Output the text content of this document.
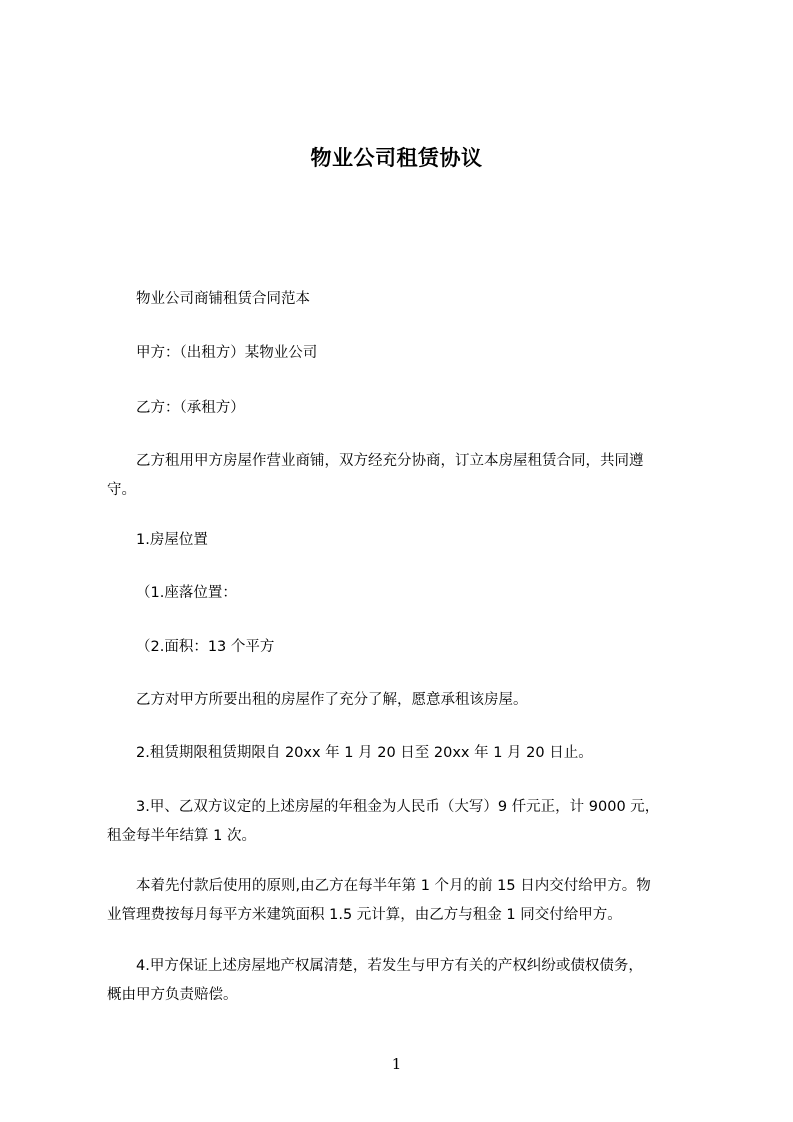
物业公司租赁协议
物业公司商铺租赁合同范本
甲方：（出租方）某物业公司
乙方：（承租方）
乙方租用甲方房屋作营业商铺，双方经充分协商，订立本房屋租赁合同，共同遵
守。
1.房屋位置
（1.座落位置：
（2.面积：13 个平方
乙方对甲方所要出租的房屋作了充分了解，愿意承租该房屋。
2.租赁期限租赁期限自 20xx 年 1 月 20 日至 20xx 年 1 月 20 日止。
3.甲、乙双方议定的上述房屋的年租金为人民币（大写）9 仟元正，计 9000 元，
租金每半年结算 1 次。
本着先付款后使用的原则,由乙方在每半年第 1 个月的前 15 日内交付给甲方。物
业管理费按每月每平方米建筑面积 1.5 元计算，由乙方与租金 1 同交付给甲方。
4.甲方保证上述房屋地产权属清楚，若发生与甲方有关的产权纠纷或债权债务，
概由甲方负责赔偿。
1
